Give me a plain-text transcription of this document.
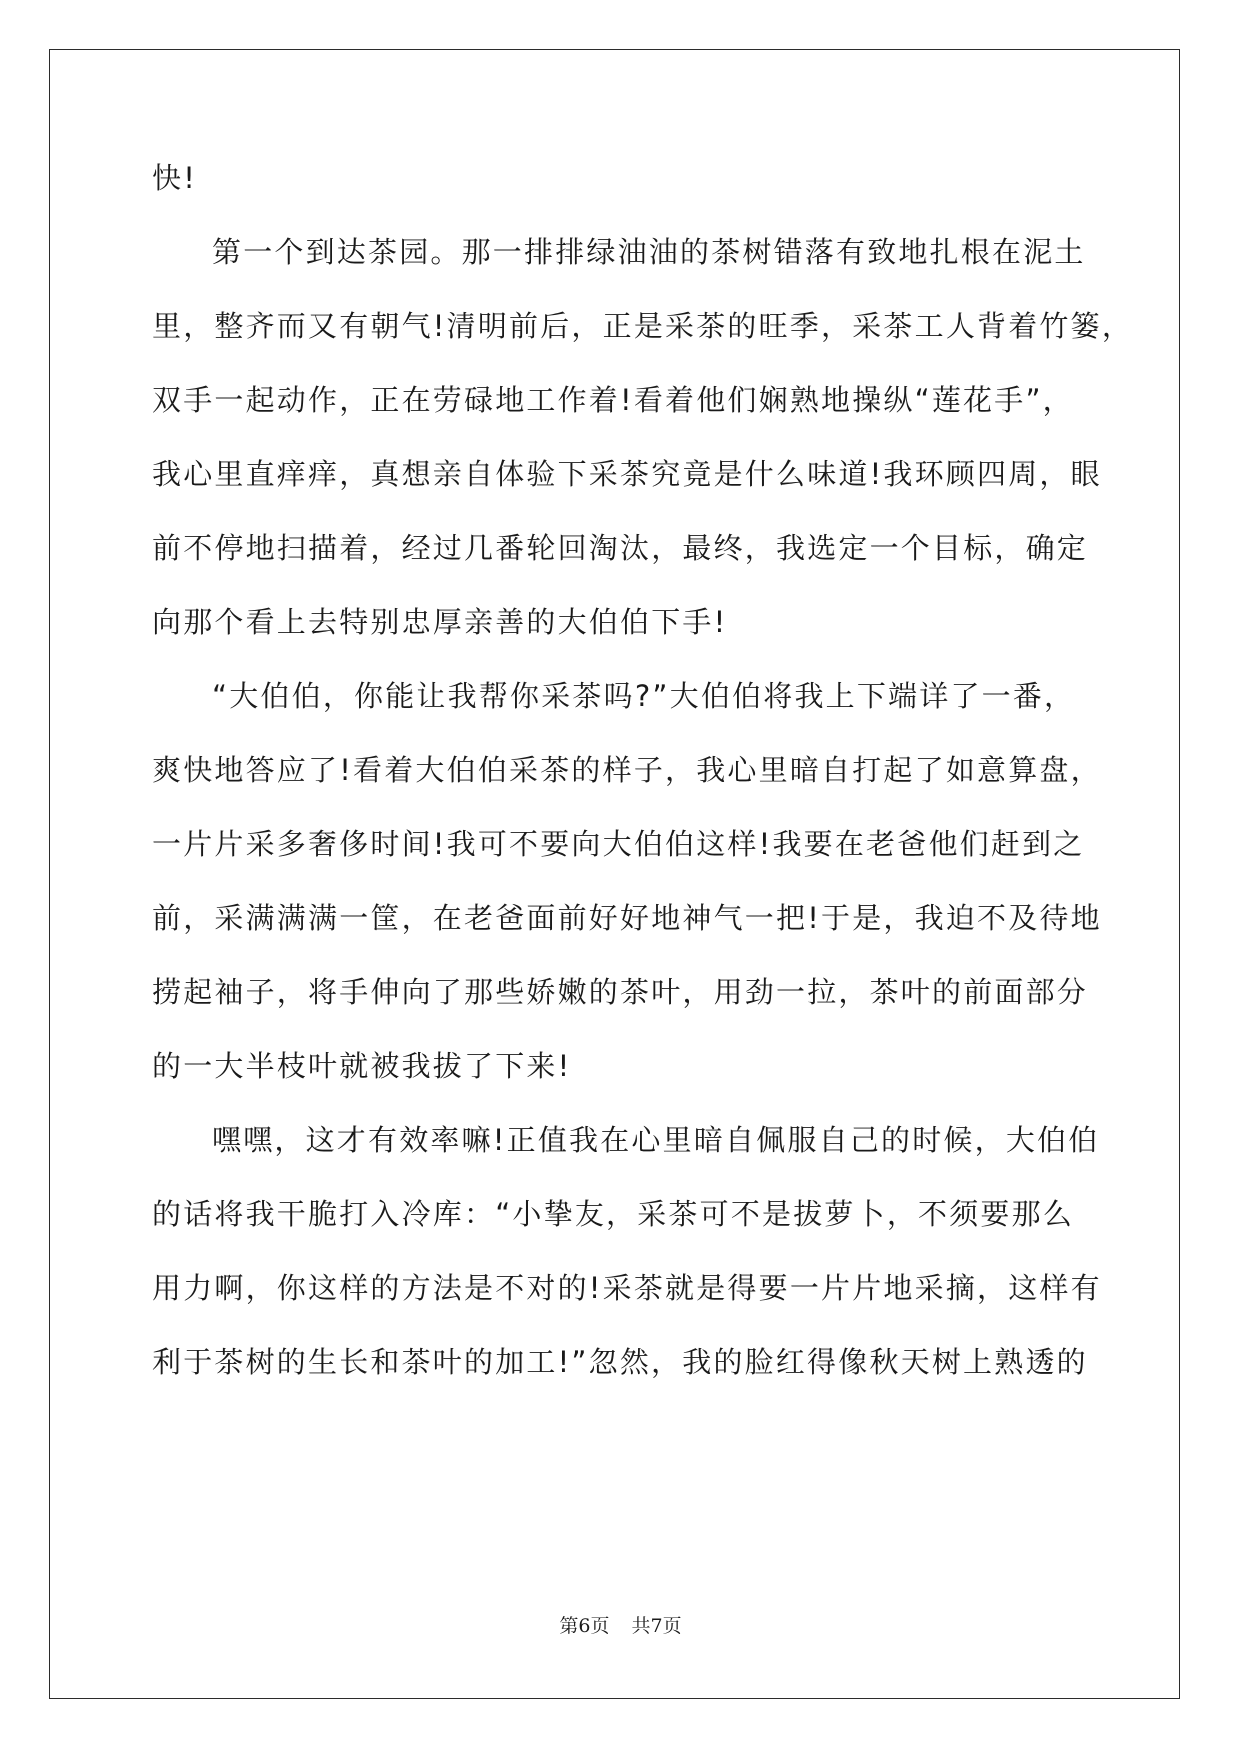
快!
第一个到达茶园。那一排排绿油油的茶树错落有致地扎根在泥土
里，整齐而又有朝气!清明前后，正是采茶的旺季，采茶工人背着竹篓，
双手一起动作，正在劳碌地工作着!看着他们娴熟地操纵“莲花手”，
我心里直痒痒，真想亲自体验下采茶究竟是什么味道!我环顾四周，眼
前不停地扫描着，经过几番轮回淘汰，最终，我选定一个目标，确定
向那个看上去特别忠厚亲善的大伯伯下手!
“大伯伯，你能让我帮你采茶吗?”大伯伯将我上下端详了一番，
爽快地答应了!看着大伯伯采茶的样子，我心里暗自打起了如意算盘，
一片片采多奢侈时间!我可不要向大伯伯这样!我要在老爸他们赶到之
前，采满满满一筐，在老爸面前好好地神气一把!于是，我迫不及待地
捞起袖子，将手伸向了那些娇嫩的茶叶，用劲一拉，茶叶的前面部分
的一大半枝叶就被我拔了下来!
嘿嘿，这才有效率嘛!正值我在心里暗自佩服自己的时候，大伯伯
的话将我干脆打入冷库：“小挚友，采茶可不是拔萝卜，不须要那么
用力啊，你这样的方法是不对的!采茶就是得要一片片地采摘，这样有
利于茶树的生长和茶叶的加工!”忽然，我的脸红得像秋天树上熟透的
第6页 共7页
